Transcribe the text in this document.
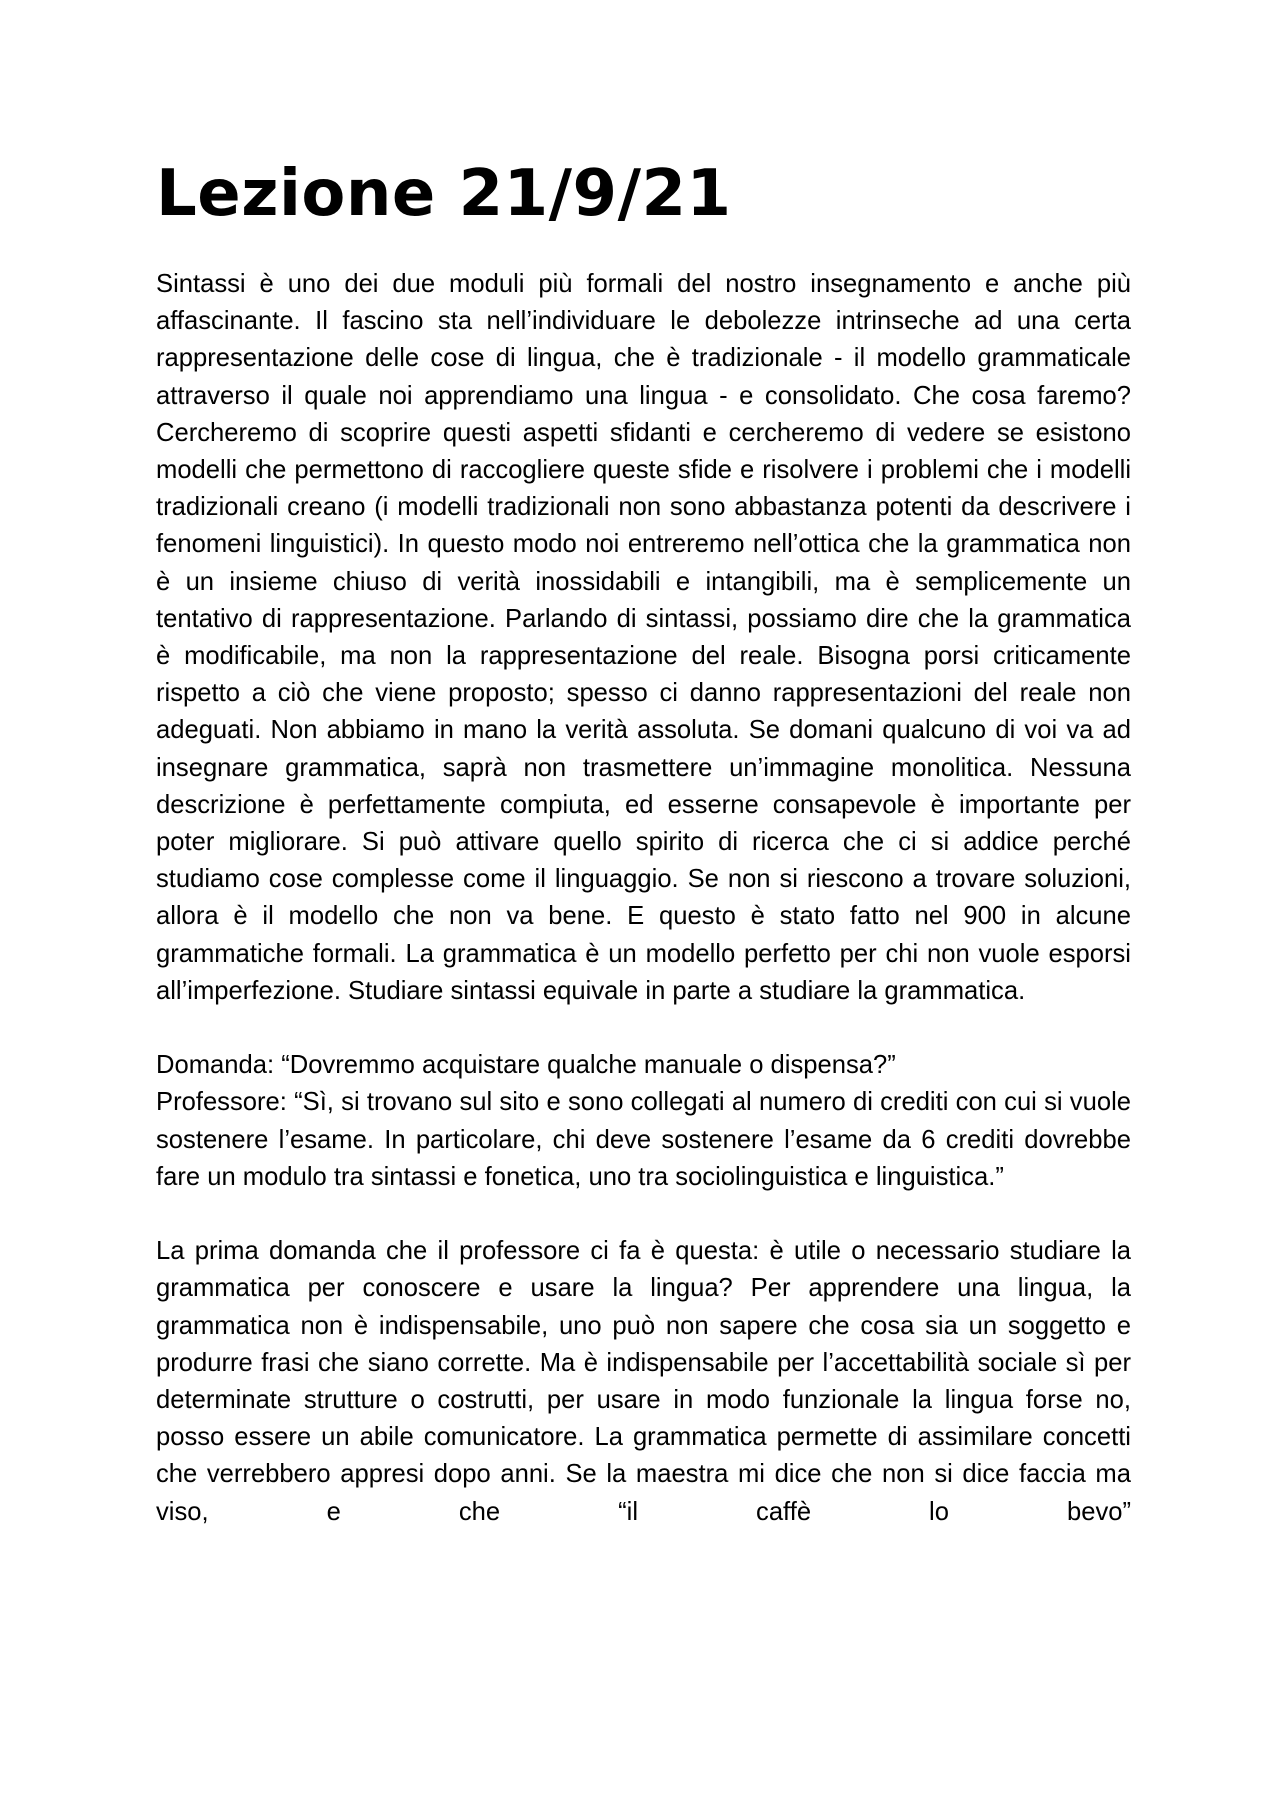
Lezione 21/9/21

Sintassi è uno dei due moduli più formali del nostro insegnamento e anche più affascinante. Il fascino sta nell’individuare le debolezze intrinseche ad una certa rappresentazione delle cose di lingua, che è tradizionale - il modello grammaticale attraverso il quale noi apprendiamo una lingua - e consolidato. Che cosa faremo? Cercheremo di scoprire questi aspetti sfidanti e cercheremo di vedere se esistono modelli che permettono di raccogliere queste sfide e risolvere i problemi che i modelli tradizionali creano (i modelli tradizionali non sono abbastanza potenti da descrivere i fenomeni linguistici). In questo modo noi entreremo nell’ottica che la grammatica non è un insieme chiuso di verità inossidabili e intangibili, ma è semplicemente un tentativo di rappresentazione. Parlando di sintassi, possiamo dire che la grammatica è modificabile, ma non la rappresentazione del reale. Bisogna porsi criticamente rispetto a ciò che viene proposto; spesso ci danno rappresentazioni del reale non adeguati. Non abbiamo in mano la verità assoluta. Se domani qualcuno di voi va ad insegnare grammatica, saprà non trasmettere un’immagine monolitica. Nessuna descrizione è perfettamente compiuta, ed esserne consapevole è importante per poter migliorare. Si può attivare quello spirito di ricerca che ci si addice perché studiamo cose complesse come il linguaggio. Se non si riescono a trovare soluzioni, allora è il modello che non va bene. E questo è stato fatto nel 900 in alcune grammatiche formali. La grammatica è un modello perfetto per chi non vuole esporsi all’imperfezione. Studiare sintassi equivale in parte a studiare la grammatica.

Domanda: “Dovremmo acquistare qualche manuale o dispensa?”

Professore: “Sì, si trovano sul sito e sono collegati al numero di crediti con cui si vuole sostenere l’esame. In particolare, chi deve sostenere l’esame da 6 crediti dovrebbe fare un modulo tra sintassi e fonetica, uno tra sociolinguistica e linguistica.”

La prima domanda che il professore ci fa è questa: è utile o necessario studiare la grammatica per conoscere e usare la lingua? Per apprendere una lingua, la grammatica non è indispensabile, uno può non sapere che cosa sia un soggetto e produrre frasi che siano corrette. Ma è indispensabile per l’accettabilità sociale sì per determinate strutture o costrutti, per usare in modo funzionale la lingua forse no, posso essere un abile comunicatore. La grammatica permette di assimilare concetti che verrebbero appresi dopo anni. Se la maestra mi dice che non si dice faccia ma viso, e che “il caffè lo bevo”
